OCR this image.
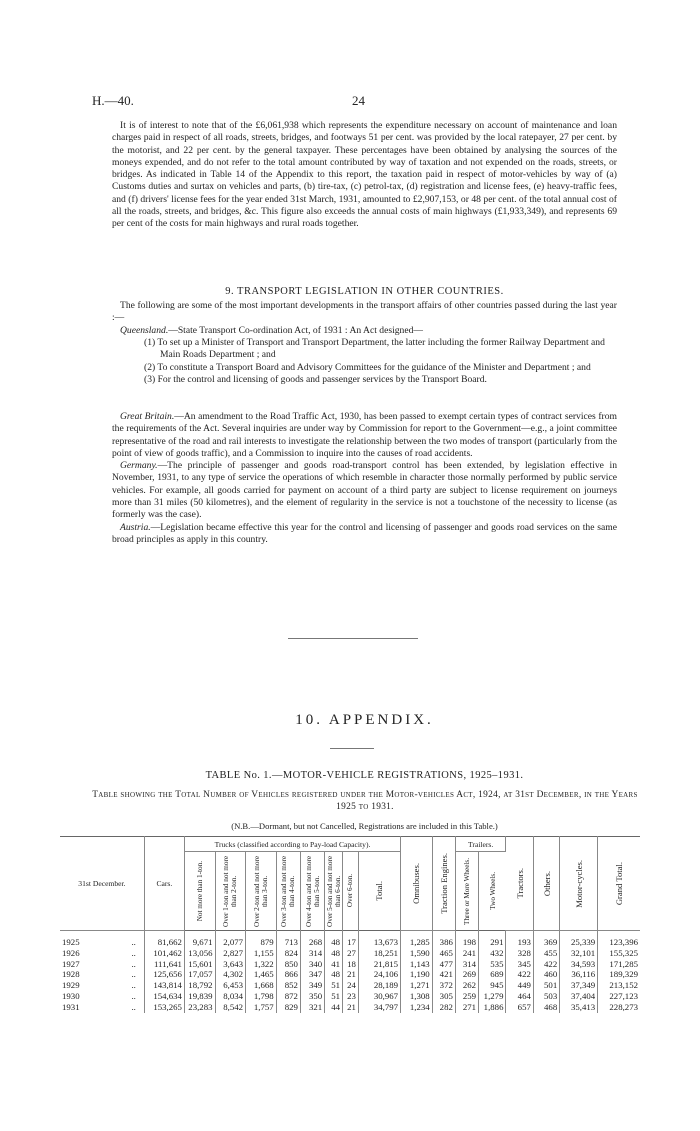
H.—40.	24

It is of interest to note that of the £6,061,938 which represents the expenditure necessary on account of maintenance and loan charges paid in respect of all roads, streets, bridges, and footways 51 per cent. was provided by the local ratepayer, 27 per cent. by the motorist, and 22 per cent. by the general taxpayer. These percentages have been obtained by analysing the sources of the moneys expended, and do not refer to the total amount contributed by way of taxation and not expended on the roads, streets, or bridges. As indicated in Table 14 of the Appendix to this report, the taxation paid in respect of motor-vehicles by way of (a) Customs duties and surtax on vehicles and parts, (b) tire-tax, (c) petrol-tax, (d) registration and license fees, (e) heavy-traffic fees, and (f) drivers' license fees for the year ended 31st March, 1931, amounted to £2,907,153, or 48 per cent. of the total annual cost of all the roads, streets, and bridges, &c. This figure also exceeds the annual costs of main highways (£1,933,349), and represents 69 per cent of the costs for main highways and rural roads together.

9. TRANSPORT LEGISLATION IN OTHER COUNTRIES.

The following are some of the most important developments in the transport affairs of other countries passed during the last year :—

Queensland.—State Transport Co-ordination Act, of 1931 : An Act designed—

(1) To set up a Minister of Transport and Transport Department, the latter including the former Railway Department and Main Roads Department ; and
(2) To constitute a Transport Board and Advisory Committees for the guidance of the Minister and Department ; and
(3) For the control and licensing of goods and passenger services by the Transport Board.

Great Britain.—An amendment to the Road Traffic Act, 1930, has been passed to exempt certain types of contract services from the requirements of the Act. Several inquiries are under way by Commission for report to the Government—e.g., a joint committee representative of the road and rail interests to investigate the relationship between the two modes of transport (particularly from the point of view of goods traffic), and a Commission to inquire into the causes of road accidents.

Germany.—The principle of passenger and goods road-transport control has been extended, by legislation effective in November, 1931, to any type of service the operations of which resemble in character those normally performed by public service vehicles. For example, all goods carried for payment on account of a third party are subject to license requirement on journeys more than 31 miles (50 kilometres), and the element of regularity in the service is not a touchstone of the necessity to license (as formerly was the case).

Austria.—Legislation became effective this year for the control and licensing of passenger and goods road services on the same broad principles as apply in this country.

10. APPENDIX.
TABLE No. 1.—MOTOR-VEHICLE REGISTRATIONS, 1925–1931.
Table showing the Total Number of Vehicles registered under the Motor-vehicles Act, 1924, at 31st December, in the Years 1925 to 1931.
(N.B.—Dormant, but not Cancelled, Registrations are included in this Table.)
31st December.	Cars.	Trucks (classified according to Pay-load Capacity).								Omnibuses.	Traction Engines.	Trailers.		Tractors.	Others.	Motor-cycles.	Grand Total.

		Not more than 1-ton.	Over 1-ton and not more than 2-ton.	Over 2-ton and not more than 3-ton.	Over 3-ton and not more than 4-ton.	Over 4-ton and not more than 5-ton.	Over 5-ton and not more than 6-ton.	Over 6-ton.	Total.			Three or More Wheels.	Two Wheels.				

1925 ..	81,662	9,671	2,077	879	713	268	48	17	13,673	1,285	386	198	291	193	369	25,339	123,396
1926 ..	101,462	13,056	2,827	1,155	824	314	48	27	18,251	1,590	465	241	432	328	455	32,101	155,325
1927 ..	111,641	15,601	3,643	1,322	850	340	41	18	21,815	1,143	477	314	535	345	422	34,593	171,285
1928 ..	125,656	17,057	4,302	1,465	866	347	48	21	24,106	1,190	421	269	689	422	460	36,116	189,329
1929 ..	143,814	18,792	6,453	1,668	852	349	51	24	28,189	1,271	372	262	945	449	501	37,349	213,152
1930 ..	154,634	19,839	8,034	1,798	872	350	51	23	30,967	1,308	305	259	1,279	464	503	37,404	227,123
1931 ..	153,265	23,283	8,542	1,757	829	321	44	21	34,797	1,234	282	271	1,886	657	468	35,413	228,273
